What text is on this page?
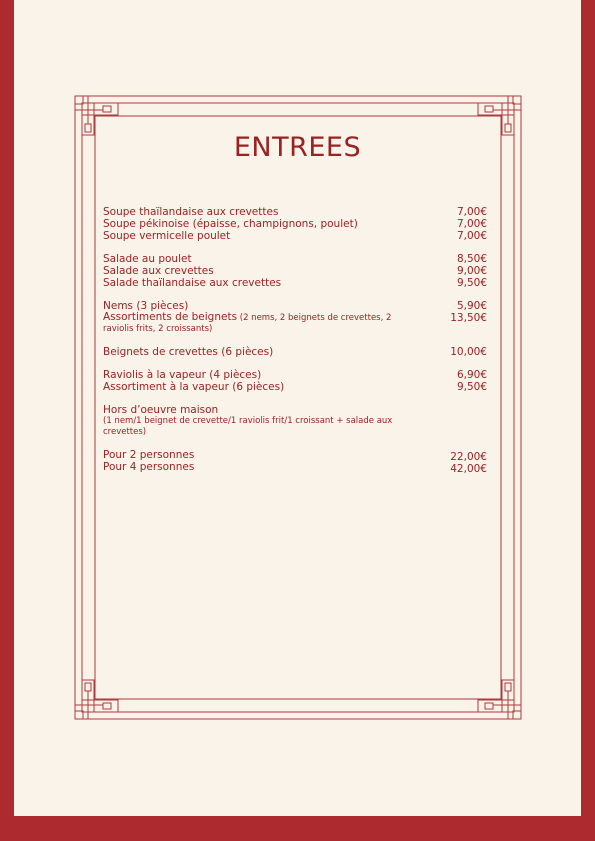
ENTREES
Soupe thaïlandaise aux crevettes
Soupe pékinoise (épaisse, champignons, poulet)
Soupe vermicelle poulet
7,00€
7,00€
7,00€
Salade au poulet
Salade aux crevettes
Salade thaïlandaise aux crevettes
8,50€
9,00€
9,50€
Nems (3 pièces)
Assortiments de beignets (2 nems, 2 beignets de crevettes, 2 raviolis frits, 2 croissants)
5,90€
13,50€
Beignets de crevettes (6 pièces)	10,00€
Raviolis à la vapeur (4 pièces)
Assortiment à la vapeur (6 pièces)
6,90€
9,50€
Hors d’oeuvre maison
(1 nem/1 beignet de crevette/1 raviolis frit/1 croissant + salade aux crevettes)
Pour 2 personnes
Pour 4 personnes
22,00€
42,00€
